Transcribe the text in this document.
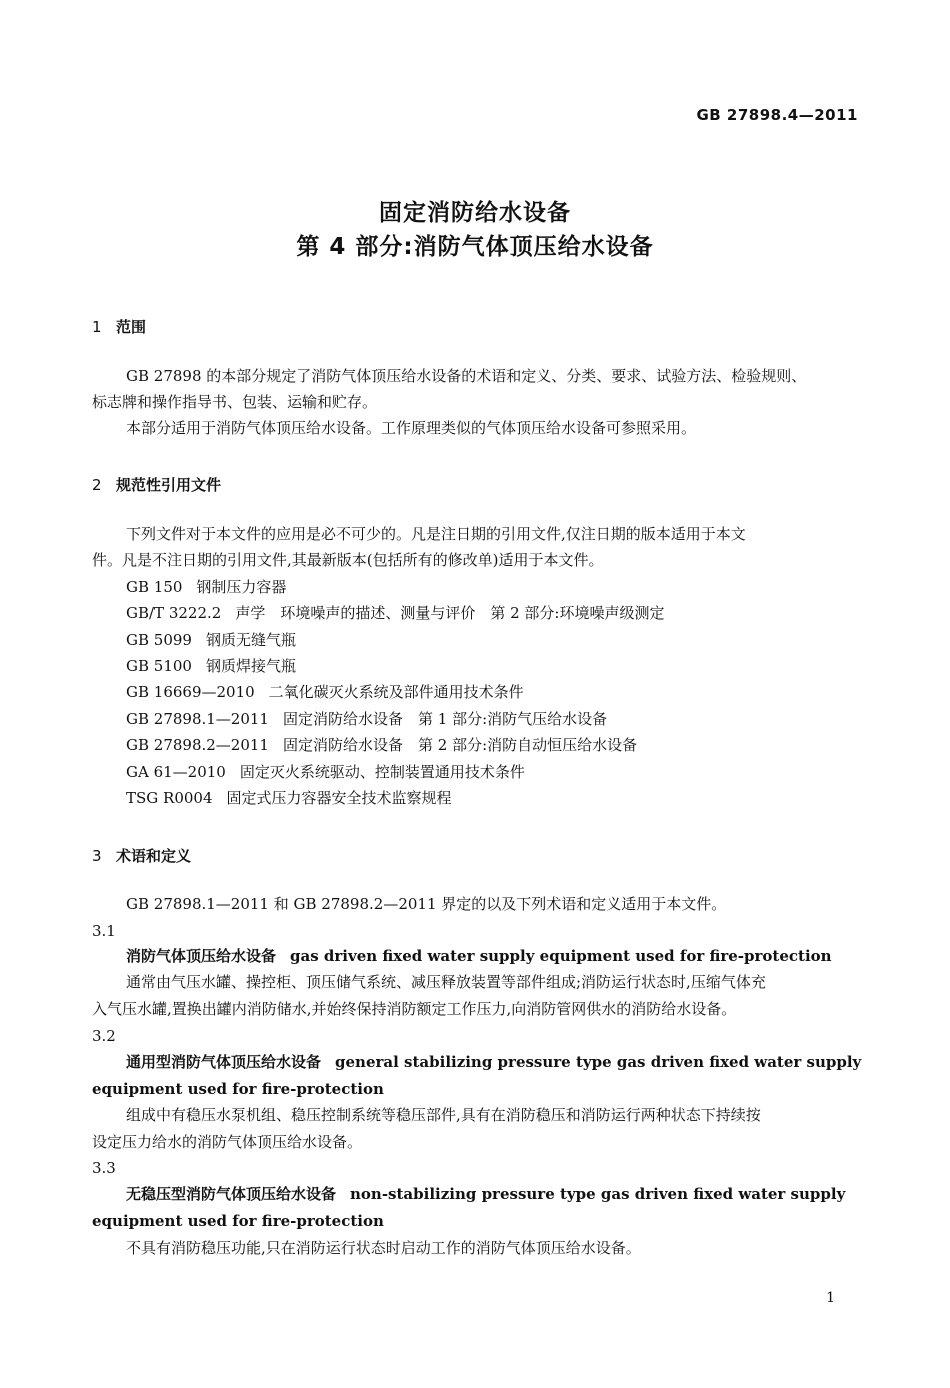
GB 27898.4—2011
固定消防给水设备
第 4 部分:消防气体顶压给水设备
1 范围
GB 27898 的本部分规定了消防气体顶压给水设备的术语和定义、分类、要求、试验方法、检验规则、
标志牌和操作指导书、包装、运输和贮存。
本部分适用于消防气体顶压给水设备。工作原理类似的气体顶压给水设备可参照采用。
2 规范性引用文件
下列文件对于本文件的应用是必不可少的。凡是注日期的引用文件,仅注日期的版本适用于本文
件。凡是不注日期的引用文件,其最新版本(包括所有的修改单)适用于本文件。
GB 150 钢制压力容器
GB/T 3222.2 声学　环境噪声的描述、测量与评价　第 2 部分:环境噪声级测定
GB 5099 钢质无缝气瓶
GB 5100 钢质焊接气瓶
GB 16669—2010 二氧化碳灭火系统及部件通用技术条件
GB 27898.1—2011 固定消防给水设备　第 1 部分:消防气压给水设备
GB 27898.2—2011 固定消防给水设备　第 2 部分:消防自动恒压给水设备
GA 61—2010 固定灭火系统驱动、控制装置通用技术条件
TSG R0004 固定式压力容器安全技术监察规程
3 术语和定义
GB 27898.1—2011 和 GB 27898.2—2011 界定的以及下列术语和定义适用于本文件。
3.1
消防气体顶压给水设备 gas driven fixed water supply equipment used for fire-protection
通常由气压水罐、操控柜、顶压储气系统、减压释放装置等部件组成;消防运行状态时,压缩气体充
入气压水罐,置换出罐内消防储水,并始终保持消防额定工作压力,向消防管网供水的消防给水设备。
3.2
通用型消防气体顶压给水设备 general stabilizing pressure type gas driven fixed water supply
equipment used for fire-protection
组成中有稳压水泵机组、稳压控制系统等稳压部件,具有在消防稳压和消防运行两种状态下持续按
设定压力给水的消防气体顶压给水设备。
3.3
无稳压型消防气体顶压给水设备 non-stabilizing pressure type gas driven fixed water supply
equipment used for fire-protection
不具有消防稳压功能,只在消防运行状态时启动工作的消防气体顶压给水设备。
1
